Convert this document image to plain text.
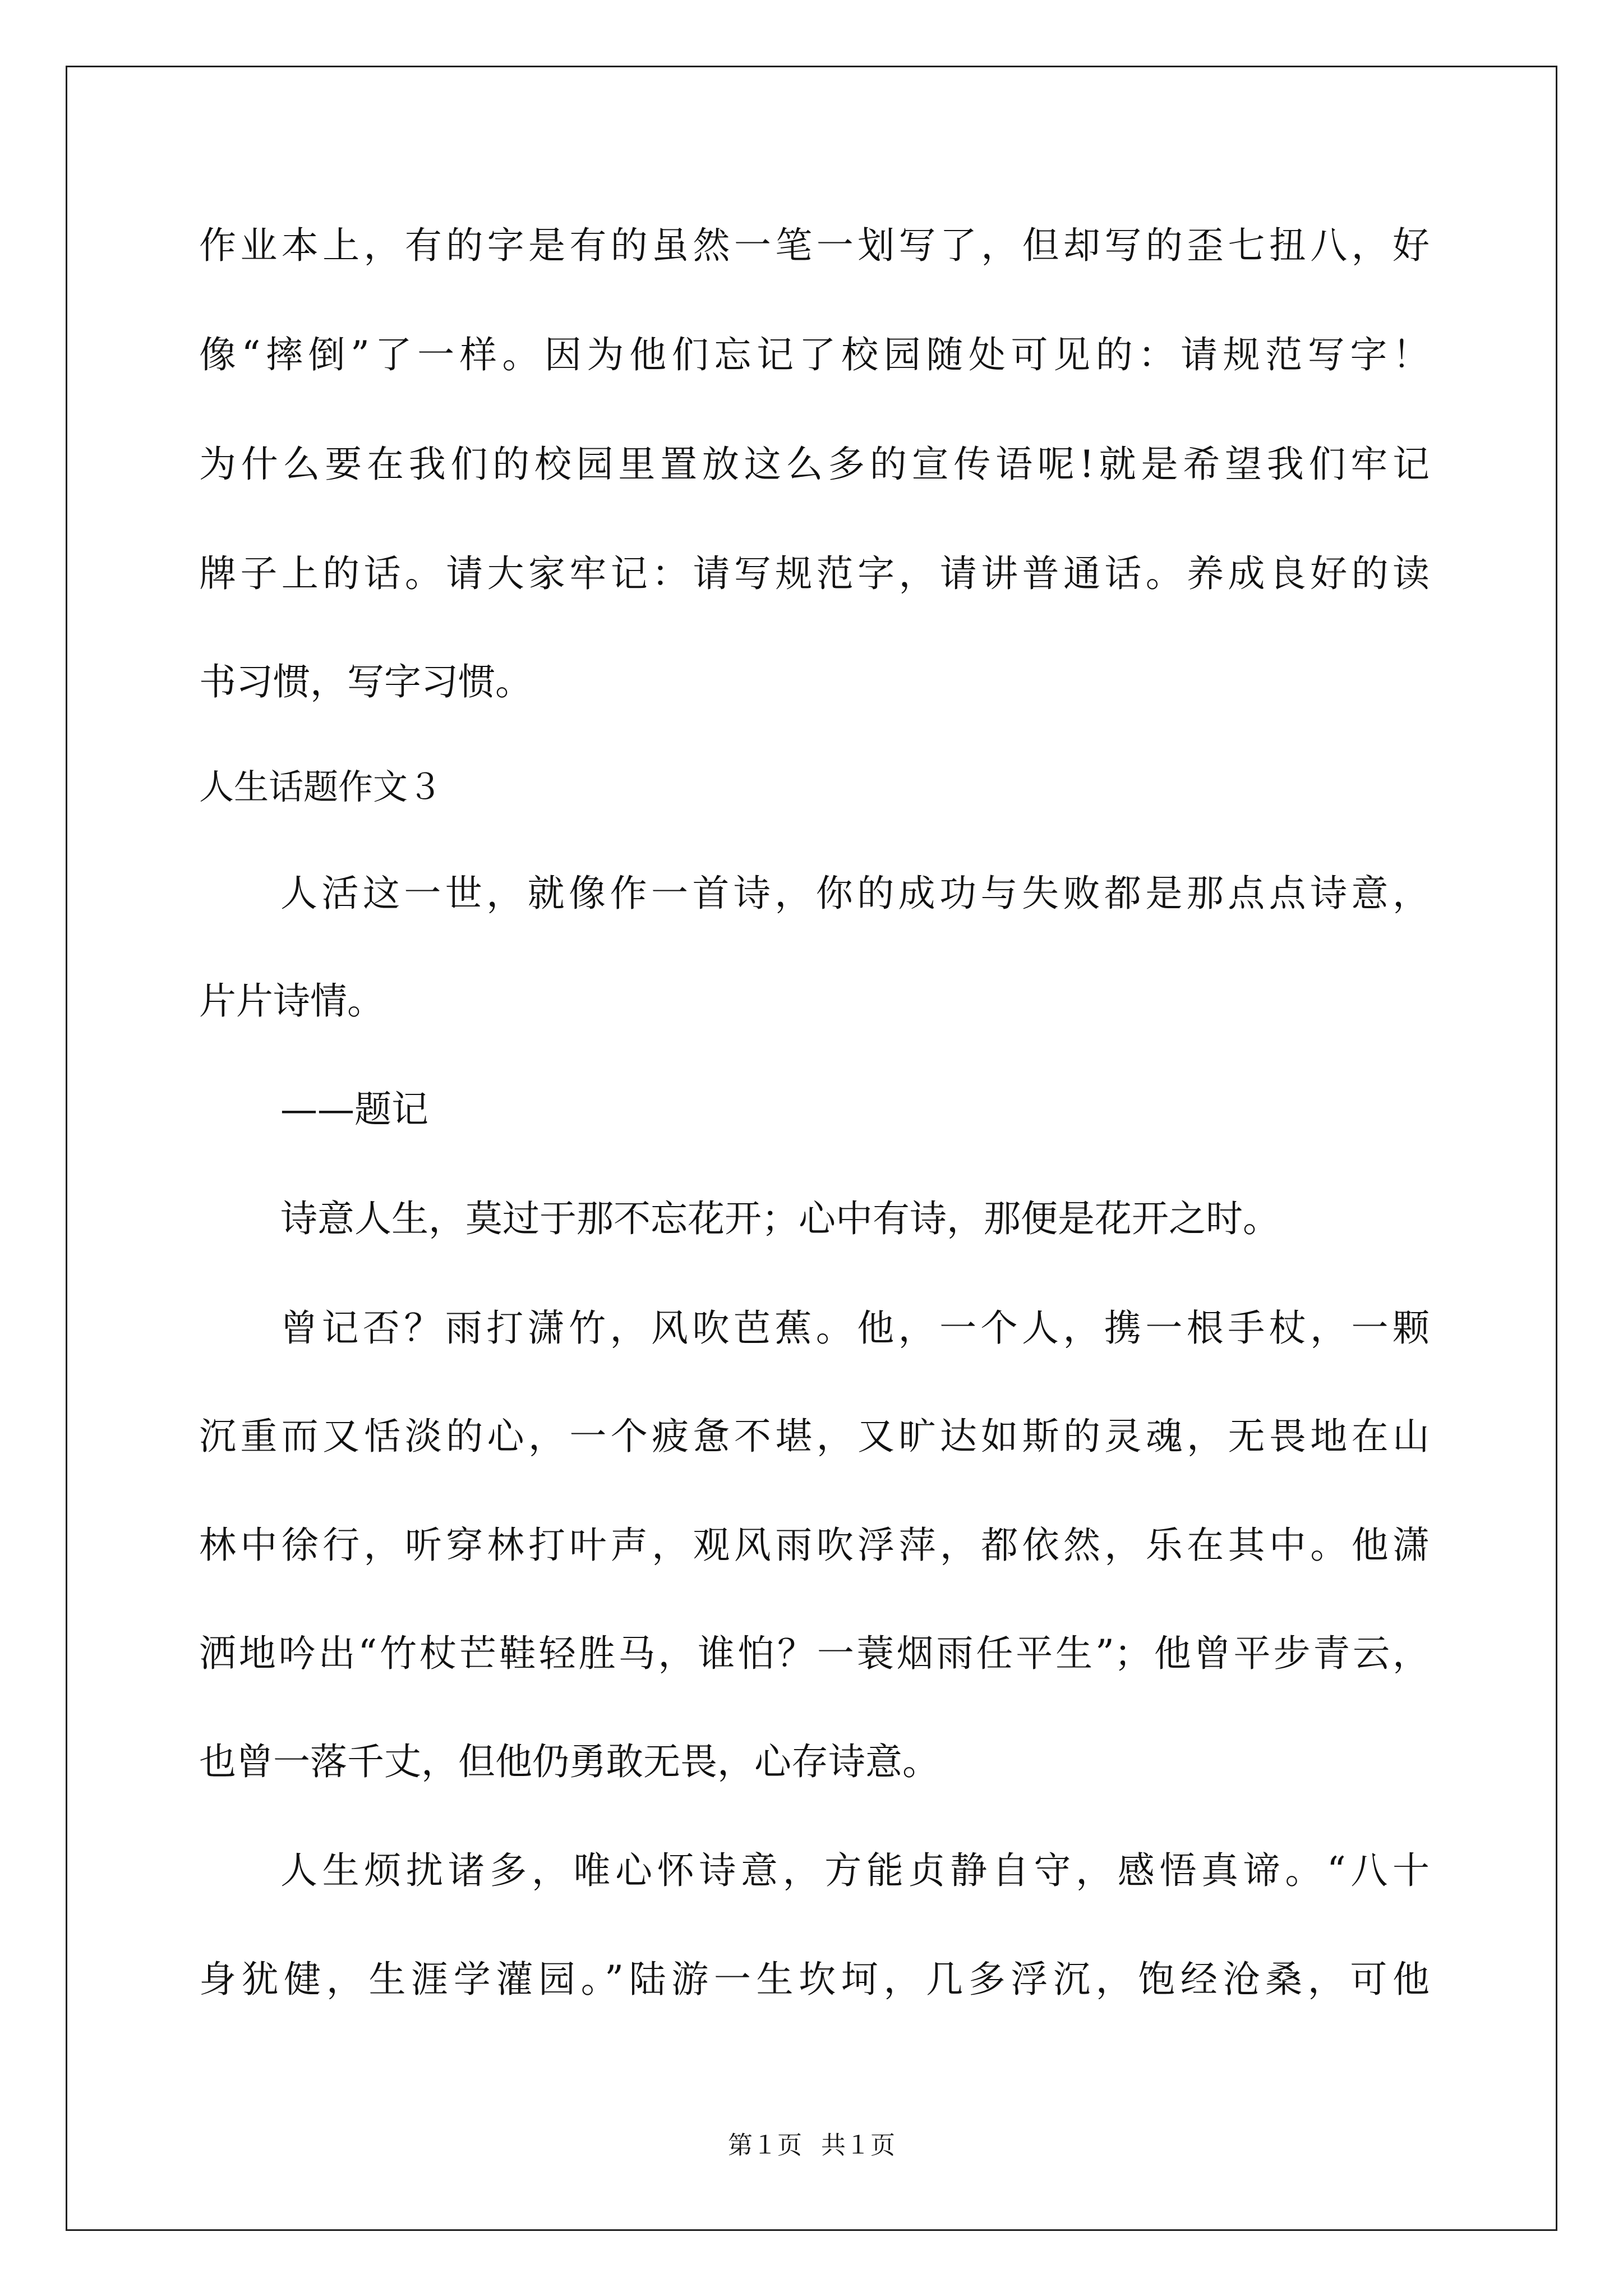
作业本上，有的字是有的虽然一笔一划写了，但却写的歪七扭八，好
像“摔倒”了一样。因为他们忘记了校园随处可见的：请规范写字！
为什么要在我们的校园里置放这么多的宣传语呢!就是希望我们牢记
牌子上的话。请大家牢记：请写规范字，请讲普通话。养成良好的读
书习惯，写字习惯。
人生话题作文３
人活这一世，就像作一首诗，你的成功与失败都是那点点诗意，
片片诗情。
——题记
诗意人生，莫过于那不忘花开；心中有诗，那便是花开之时。
曾记否？雨打潇竹，风吹芭蕉。他，一个人，携一根手杖，一颗
沉重而又恬淡的心，一个疲惫不堪，又旷达如斯的灵魂，无畏地在山
林中徐行，听穿林打叶声，观风雨吹浮萍，都依然，乐在其中。他潇
洒地吟出“竹杖芒鞋轻胜马，谁怕？一蓑烟雨任平生”；他曾平步青云，
也曾一落千丈，但他仍勇敢无畏，心存诗意。
人生烦扰诸多，唯心怀诗意，方能贞静自守，感悟真谛。“八十
身犹健，生涯学灌园。”陆游一生坎坷，几多浮沉，饱经沧桑，可他
第１页 共１页
